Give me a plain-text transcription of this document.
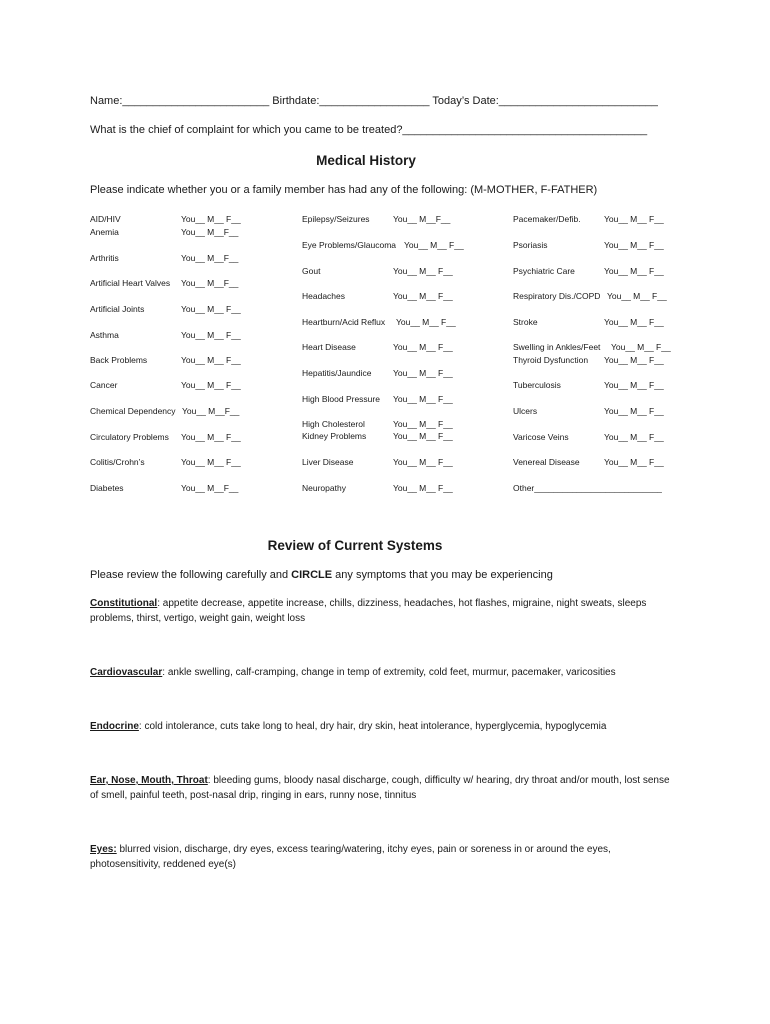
Name:________________________ Birthdate:__________________ Today’s Date:__________________________
What is the chief of complaint for which you came to be treated?________________________________________
Medical History
Please indicate whether you or a family member has had any of the following: (M-MOTHER, F-FATHER)
AID/HIV	You__ M__ F__
Anemia	You__ M__F__
Arthritis	You__ M__F__
Artificial Heart Valves You__ M__F__
Artificial Joints	You__ M__ F__
Asthma	You__ M__ F__
Back Problems	You__ M__ F__
Cancer	You__ M__ F__
Chemical Dependency You__ M__F__
Circulatory Problems You__ M__ F__
Colitis/Crohn’s	You__ M__ F__
Diabetes	You__ M__F__
Epilepsy/Seizures	You__ M__F__
Eye Problems/Glaucoma You__ M__ F__
Gout	You__ M__ F__
Headaches	You__ M__ F__
Heartburn/Acid Reflux You__ M__ F__
Heart Disease	You__ M__ F__
Hepatitis/Jaundice	You__ M__ F__
High Blood Pressure You__ M__ F__
High Cholesterol	You__ M__ F__
Kidney Problems	You__ M__ F__
Liver Disease	You__ M__ F__
Neuropathy	You__ M__ F__
Pacemaker/Defib.	You__ M__ F__
Psoriasis	You__ M__ F__
Psychiatric Care	You__ M__ F__
Respiratory Dis./COPD You__ M__ F__
Stroke	You__ M__ F__
Swelling in Ankles/Feet You__ M__ F__
Thyroid Dysfunction You__ M__ F__
Tuberculosis	You__ M__ F__
Ulcers	You__ M__ F__
Varicose Veins	You__ M__ F__
Venereal Disease	You__ M__ F__
Other___________________________
Review of Current Systems
Please review the following carefully and CIRCLE any symptoms that you may be experiencing
Constitutional: appetite decrease, appetite increase, chills, dizziness, headaches, hot flashes, migraine, night sweats, sleeps problems, thirst, vertigo, weight gain, weight loss
Cardiovascular: ankle swelling, calf-cramping, change in temp of extremity, cold feet, murmur, pacemaker, varicosities
Endocrine: cold intolerance, cuts take long to heal, dry hair, dry skin, heat intolerance, hyperglycemia, hypoglycemia
Ear, Nose, Mouth, Throat: bleeding gums, bloody nasal discharge, cough, difficulty w/ hearing, dry throat and/or mouth, lost sense of smell, painful teeth, post-nasal drip, ringing in ears, runny nose, tinnitus
Eyes: blurred vision, discharge, dry eyes, excess tearing/watering, itchy eyes, pain or soreness in or around the eyes, photosensitivity, reddened eye(s)
